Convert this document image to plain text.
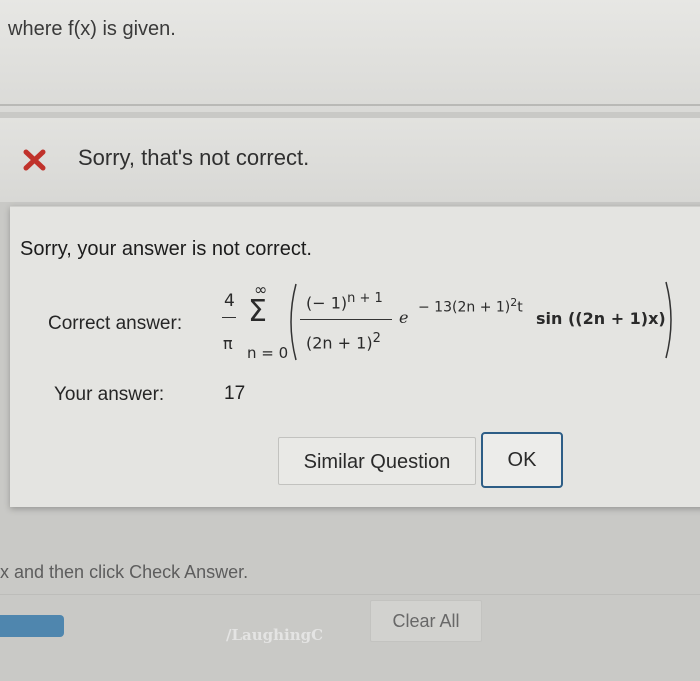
where f(x) is given.
Sorry, that's not correct.
Sorry, your answer is not correct.
Correct answer:
4
π
∞
Σ
n = 0
(− 1)$^{n + 1}$
$(2n + 1)^2$
e
− $13(2n + 1)^2t$
sin ((2n + 1)x)
Your answer:	17
Similar Question	OK
x and then click Check Answer.
Clear All
/LaughingC
